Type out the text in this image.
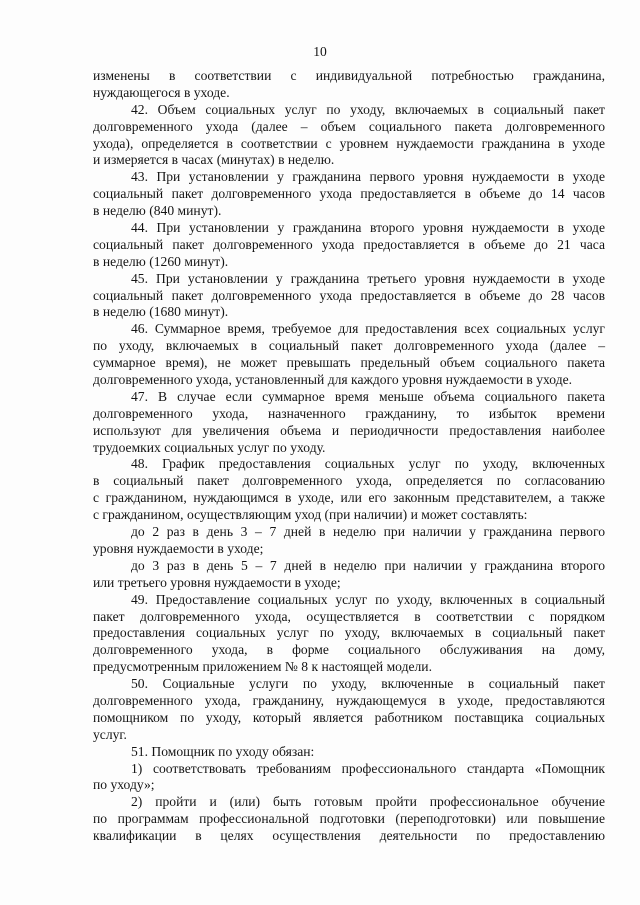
10
изменены в соответствии с индивидуальной потребностью гражданина,
нуждающегося в уходе.
42. Объем социальных услуг по уходу, включаемых в социальный пакет
долговременного ухода (далее – объем социального пакета долговременного
ухода), определяется в соответствии с уровнем нуждаемости гражданина в уходе
и измеряется в часах (минутах) в неделю.
43. При установлении у гражданина первого уровня нуждаемости в уходе
социальный пакет долговременного ухода предоставляется в объеме до 14 часов
в неделю (840 минут).
44. При установлении у гражданина второго уровня нуждаемости в уходе
социальный пакет долговременного ухода предоставляется в объеме до 21 часа
в неделю (1260 минут).
45. При установлении у гражданина третьего уровня нуждаемости в уходе
социальный пакет долговременного ухода предоставляется в объеме до 28 часов
в неделю (1680 минут).
46. Суммарное время, требуемое для предоставления всех социальных услуг
по уходу, включаемых в социальный пакет долговременного ухода (далее –
суммарное время), не может превышать предельный объем социального пакета
долговременного ухода, установленный для каждого уровня нуждаемости в уходе.
47. В случае если суммарное время меньше объема социального пакета
долговременного ухода, назначенного гражданину, то избыток времени
используют для увеличения объема и периодичности предоставления наиболее
трудоемких социальных услуг по уходу.
48. График предоставления социальных услуг по уходу, включенных
в социальный пакет долговременного ухода, определяется по согласованию
с гражданином, нуждающимся в уходе, или его законным представителем, а также
с гражданином, осуществляющим уход (при наличии) и может составлять:
до 2 раз в день 3 – 7 дней в неделю при наличии у гражданина первого
уровня нуждаемости в уходе;
до 3 раз в день 5 – 7 дней в неделю при наличии у гражданина второго
или третьего уровня нуждаемости в уходе;
49. Предоставление социальных услуг по уходу, включенных в социальный
пакет долговременного ухода, осуществляется в соответствии с порядком
предоставления социальных услуг по уходу, включаемых в социальный пакет
долговременного ухода, в форме социального обслуживания на дому,
предусмотренным приложением № 8 к настоящей модели.
50. Социальные услуги по уходу, включенные в социальный пакет
долговременного ухода, гражданину, нуждающемуся в уходе, предоставляются
помощником по уходу, который является работником поставщика социальных
услуг.
51. Помощник по уходу обязан:
1) соответствовать требованиям профессионального стандарта «Помощник
по уходу»;
2) пройти и (или) быть готовым пройти профессиональное обучение
по программам профессиональной подготовки (переподготовки) или повышение
квалификации в целях осуществления деятельности по предоставлению
